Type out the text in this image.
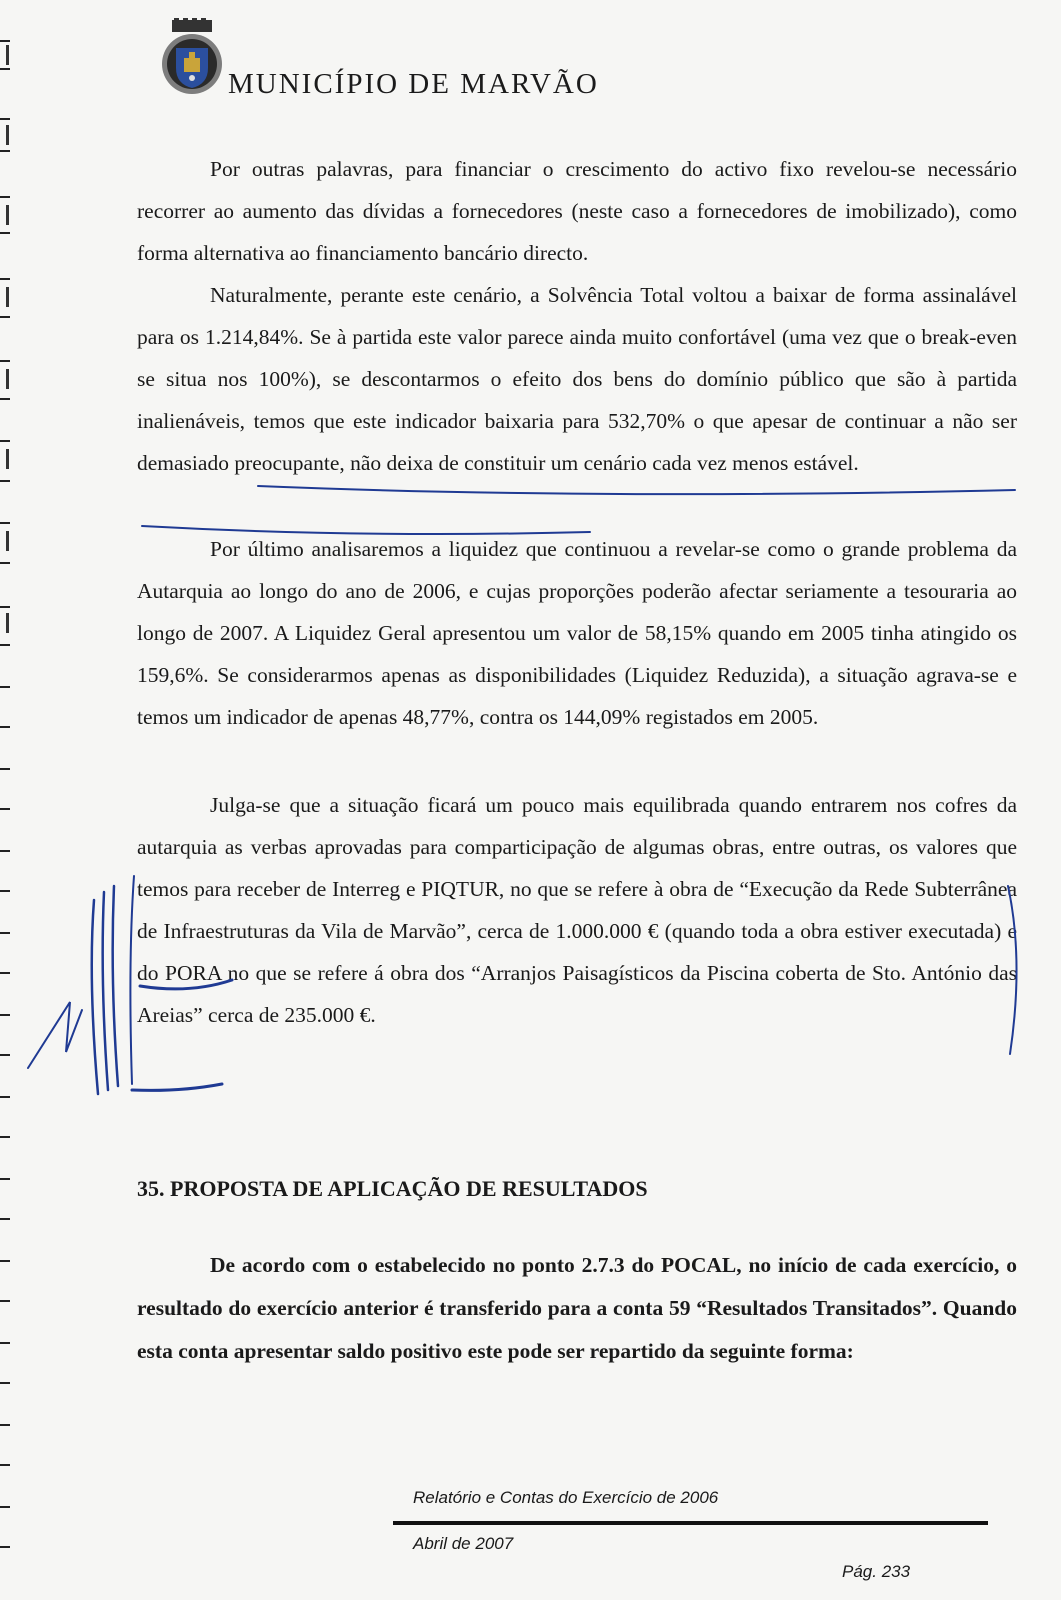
MUNICÍPIO DE MARVÃO

Por outras palavras, para financiar o crescimento do activo fixo revelou-se necessário recorrer ao aumento das dívidas a fornecedores (neste caso a fornecedores de imobilizado), como forma alternativa ao financiamento bancário directo.

Naturalmente, perante este cenário, a Solvência Total voltou a baixar de forma assinalável para os 1.214,84%. Se à partida este valor parece ainda muito confortável (uma vez que o break-even se situa nos 100%), se descontarmos o efeito dos bens do domínio público que são à partida inalienáveis, temos que este indicador baixaria para 532,70% o que apesar de continuar a não ser demasiado preocupante, não deixa de constituir um cenário cada vez menos estável.

Por último analisaremos a liquidez que continuou a revelar-se como o grande problema da Autarquia ao longo do ano de 2006, e cujas proporções poderão afectar seriamente a tesouraria ao longo de 2007. A Liquidez Geral apresentou um valor de 58,15% quando em 2005 tinha atingido os 159,6%. Se considerarmos apenas as disponibilidades (Liquidez Reduzida), a situação agrava-se e temos um indicador de apenas 48,77%, contra os 144,09% registados em 2005.

Julga-se que a situação ficará um pouco mais equilibrada quando entrarem nos cofres da autarquia as verbas aprovadas para comparticipação de algumas obras, entre outras, os valores que temos para receber de Interreg e PIQTUR, no que se refere à obra de “Execução da Rede Subterrânea de Infraestruturas da Vila de Marvão”, cerca de 1.000.000 € (quando toda a obra estiver executada) e do PORA no que se refere á obra dos “Arranjos Paisagísticos da Piscina coberta de Sto. António das Areias” cerca de 235.000 €.

35. PROPOSTA DE APLICAÇÃO DE RESULTADOS

De acordo com o estabelecido no ponto 2.7.3 do POCAL, no início de cada exercício, o resultado do exercício anterior é transferido para a conta 59 “Resultados Transitados”. Quando esta conta apresentar saldo positivo este pode ser repartido da seguinte forma:

Relatório e Contas do Exercício de 2006
Abril de 2007
Pág. 233
